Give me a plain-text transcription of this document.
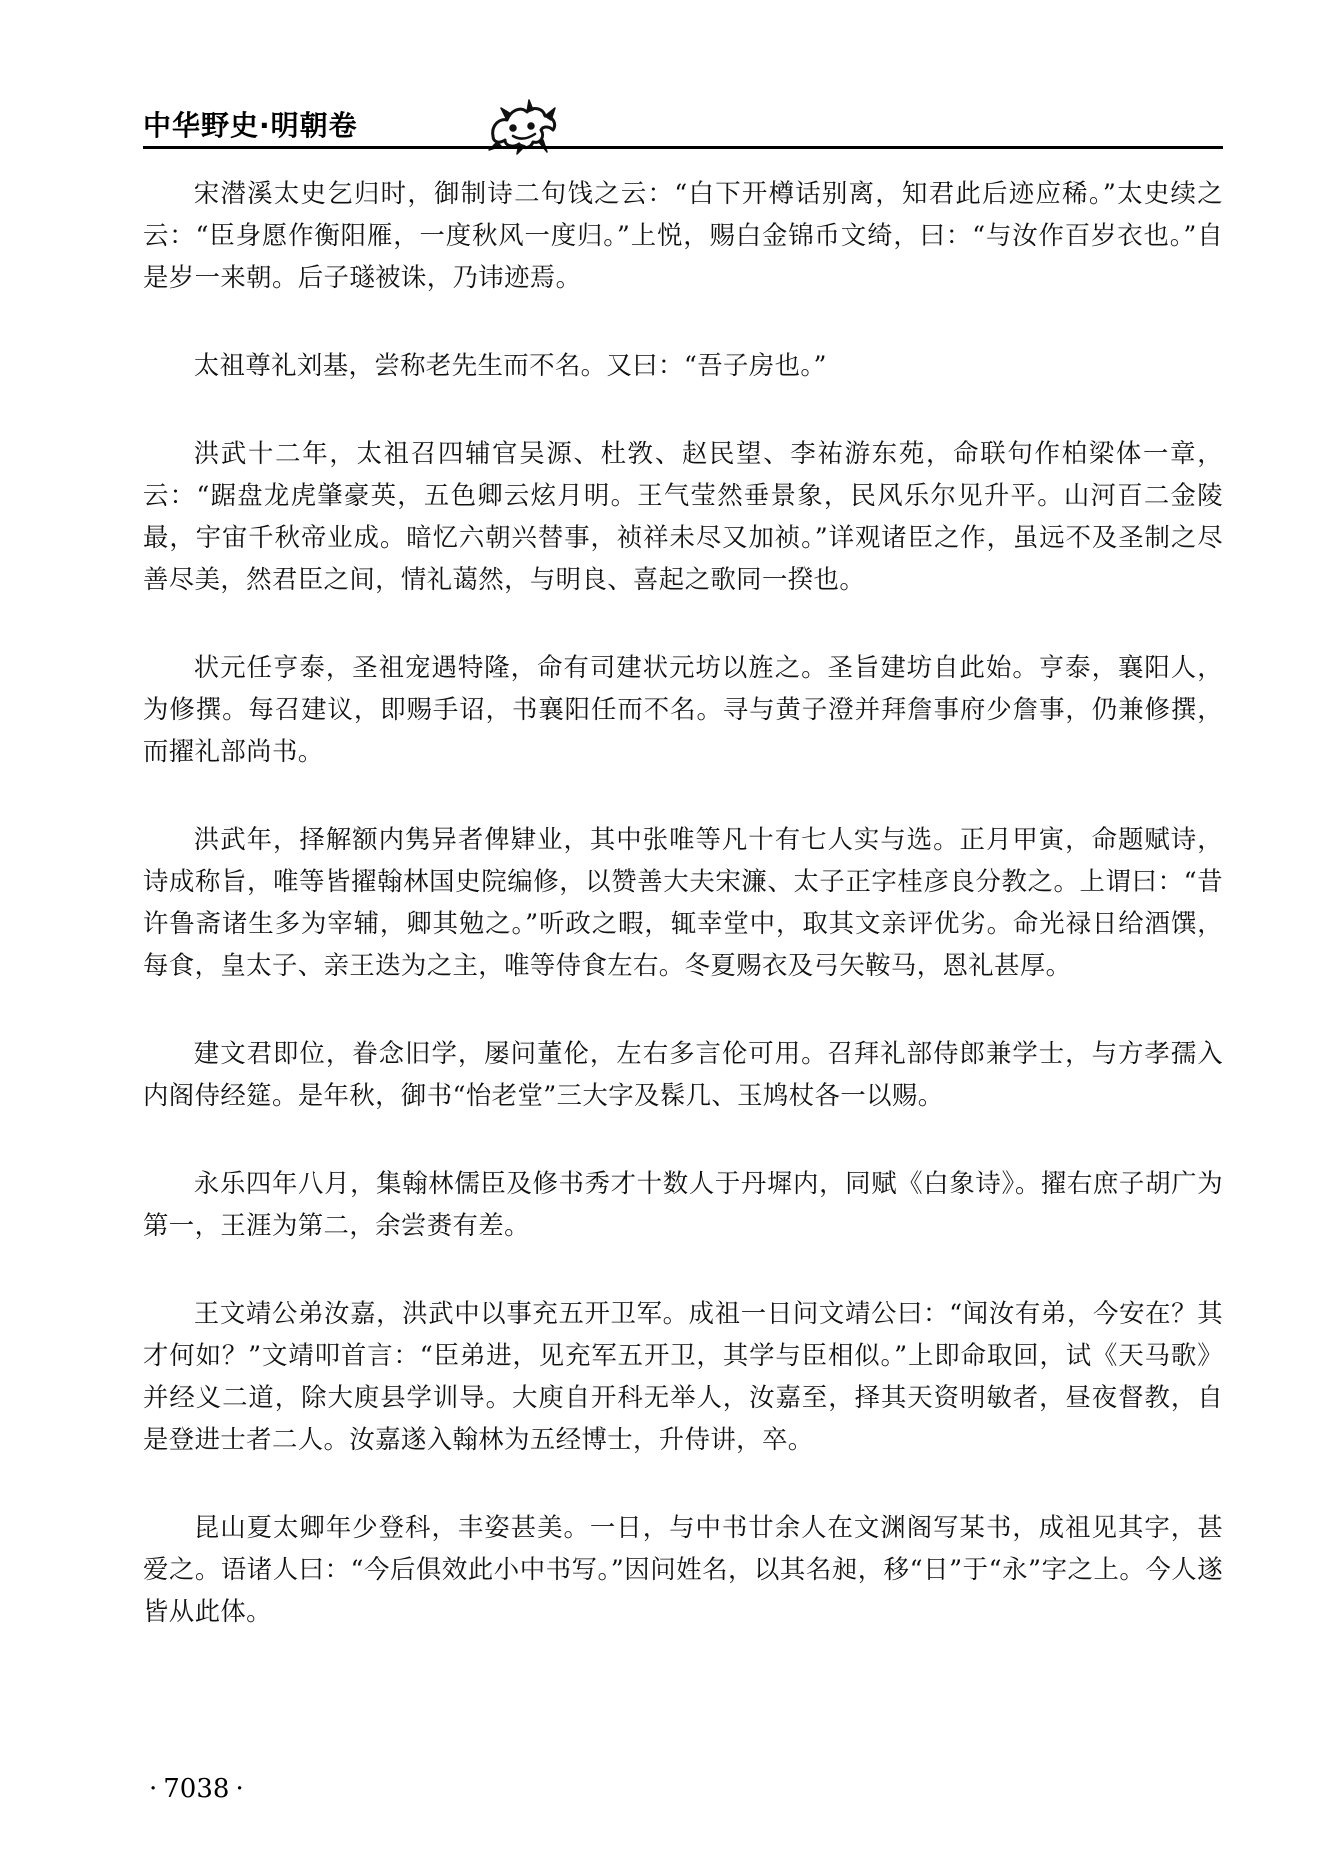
中华野史·明朝卷

宋潜溪太史乞归时，御制诗二句饯之云：“白下开樽话别离，知君此后迹应稀。”太史续之云：“臣身愿作衡阳雁，一度秋风一度归。”上悦，赐白金锦币文绮，曰：“与汝作百岁衣也。”自是岁一来朝。后子璲被诛，乃讳迹焉。

太祖尊礼刘基，尝称老先生而不名。又曰：“吾子房也。”

洪武十二年，太祖召四辅官吴源、杜敩、赵民望、李祐游东苑，命联句作柏梁体一章，云：“踞盘龙虎肇豪英，五色卿云炫月明。王气莹然垂景象，民风乐尔见升平。山河百二金陵最，宇宙千秋帝业成。暗忆六朝兴替事，祯祥未尽又加祯。”详观诸臣之作，虽远不及圣制之尽善尽美，然君臣之间，情礼蔼然，与明良、喜起之歌同一揆也。

状元任亨泰，圣祖宠遇特隆，命有司建状元坊以旌之。圣旨建坊自此始。亨泰，襄阳人，为修撰。每召建议，即赐手诏，书襄阳任而不名。寻与黄子澄并拜詹事府少詹事，仍兼修撰，而擢礼部尚书。

洪武年，择解额内隽异者俾肄业，其中张唯等凡十有七人实与选。正月甲寅，命题赋诗，诗成称旨，唯等皆擢翰林国史院编修，以赞善大夫宋濂、太子正字桂彦良分教之。上谓曰：“昔许鲁斋诸生多为宰辅，卿其勉之。”听政之暇，辄幸堂中，取其文亲评优劣。命光禄日给酒馔，每食，皇太子、亲王迭为之主，唯等侍食左右。冬夏赐衣及弓矢鞍马，恩礼甚厚。

建文君即位，眷念旧学，屡问董伦，左右多言伦可用。召拜礼部侍郎兼学士，与方孝孺入内阁侍经筵。是年秋，御书“怡老堂”三大字及髹几、玉鸠杖各一以赐。

永乐四年八月，集翰林儒臣及修书秀才十数人于丹墀内，同赋《白象诗》。擢右庶子胡广为第一，王涯为第二，余尝赉有差。

王文靖公弟汝嘉，洪武中以事充五开卫军。成祖一日问文靖公曰：“闻汝有弟，今安在？其才何如？”文靖叩首言：“臣弟进，见充军五开卫，其学与臣相似。”上即命取回，试《天马歌》并经义二道，除大庾县学训导。大庾自开科无举人，汝嘉至，择其天资明敏者，昼夜督教，自是登进士者二人。汝嘉遂入翰林为五经博士，升侍讲，卒。

昆山夏太卿年少登科，丰姿甚美。一日，与中书廿余人在文渊阁写某书，成祖见其字，甚爱之。语诸人曰：“今后俱效此小中书写。”因问姓名，以其名昶，移“日”于“永”字之上。今人遂皆从此体。

· 7038 ·
